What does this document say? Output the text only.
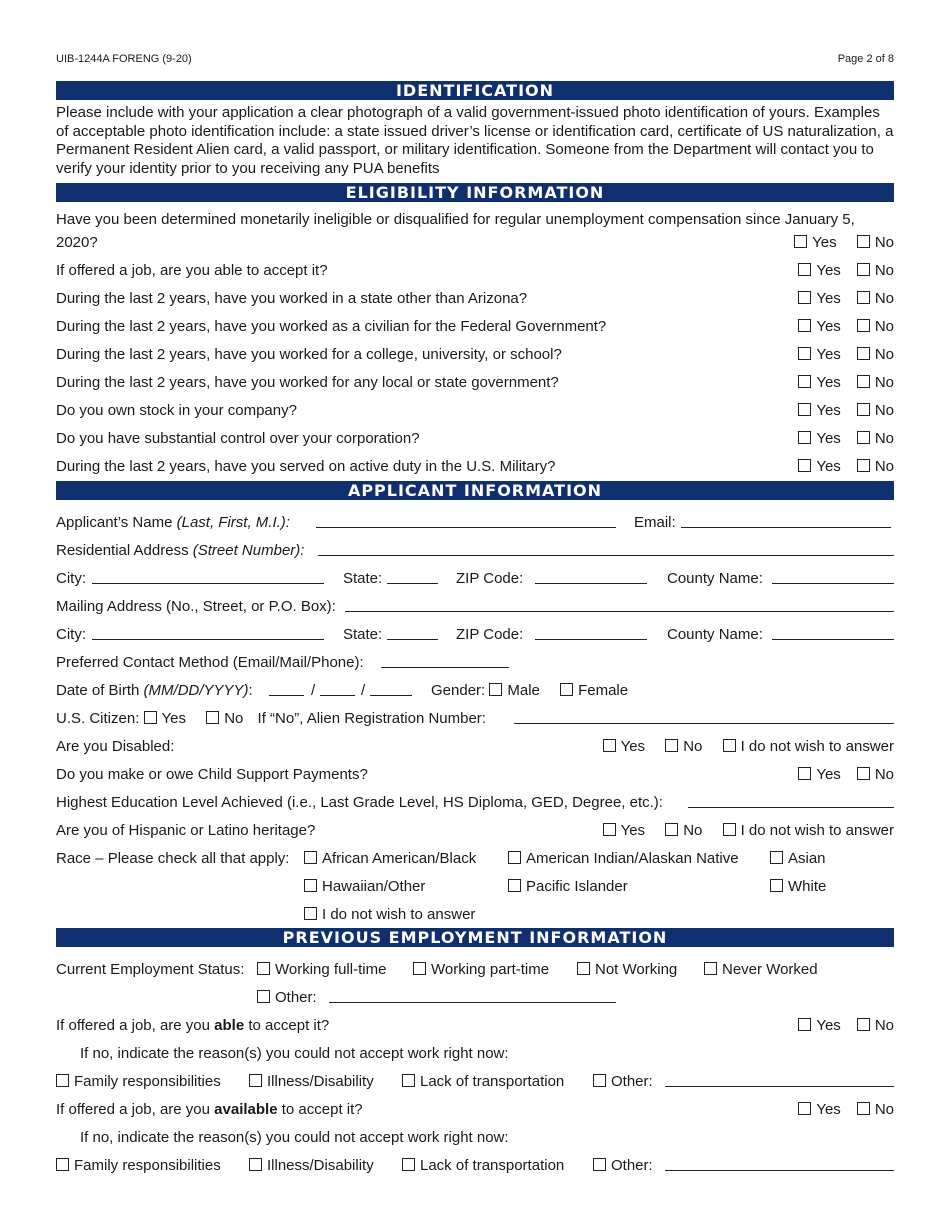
UIB-1244A FORENG (9-20)	Page 2 of 8
IDENTIFICATION
Please include with your application a clear photograph of a valid government-issued photo identification of yours. Examples of acceptable photo identification include: a state issued driver’s license or identification card, certificate of US naturalization, a Permanent Resident Alien card, a valid passport, or military identification. Someone from the Department will contact you to verify your identity prior to you receiving any PUA benefits
ELIGIBILITY INFORMATION
Have you been determined monetarily ineligible or disqualified for regular unemployment compensation since January 5,
2020?	Yes	No
If offered a job, are you able to accept it?	Yes No
During the last 2 years, have you worked in a state other than Arizona?	Yes No
During the last 2 years, have you worked as a civilian for the Federal Government?	Yes No
During the last 2 years, have you worked for a college, university, or school?	Yes No
During the last 2 years, have you worked for any local or state government?	Yes No
Do you own stock in your company?	Yes No
Do you have substantial control over your corporation?	Yes No
During the last 2 years, have you served on active duty in the U.S. Military?	Yes No
APPLICANT INFORMATION
Applicant’s Name (Last, First, M.I.):	Email:
Residential Address (Street Number):
City:	State:	ZIP Code:	County Name:
Mailing Address (No., Street, or P.O. Box):
City:	State:	ZIP Code:	County Name:
Preferred Contact Method (Email/Mail/Phone):
Date of Birth (MM/DD/YYYY):	/	/	Gender: Male	Female
U.S. Citizen: Yes	No If “No”, Alien Registration Number:
Are you Disabled:	Yes	No	I do not wish to answer
Do you make or owe Child Support Payments?	Yes No
Highest Education Level Achieved (i.e., Last Grade Level, HS Diploma, GED, Degree, etc.):
Are you of Hispanic or Latino heritage?	Yes	No	I do not wish to answer
Race – Please check all that apply:	African American/Black	American Indian/Alaskan Native	Asian
Hawaiian/Other	Pacific Islander	White
I do not wish to answer
PREVIOUS EMPLOYMENT INFORMATION
Current Employment Status:	Working full-time	Working part-time	Not Working	Never Worked
Other:
If offered a job, are you able to accept it?	Yes No
If no, indicate the reason(s) you could not accept work right now:
Family responsibilities	Illness/Disability	Lack of transportation	Other:
If offered a job, are you available to accept it?	Yes No
If no, indicate the reason(s) you could not accept work right now:
Family responsibilities	Illness/Disability	Lack of transportation	Other:
